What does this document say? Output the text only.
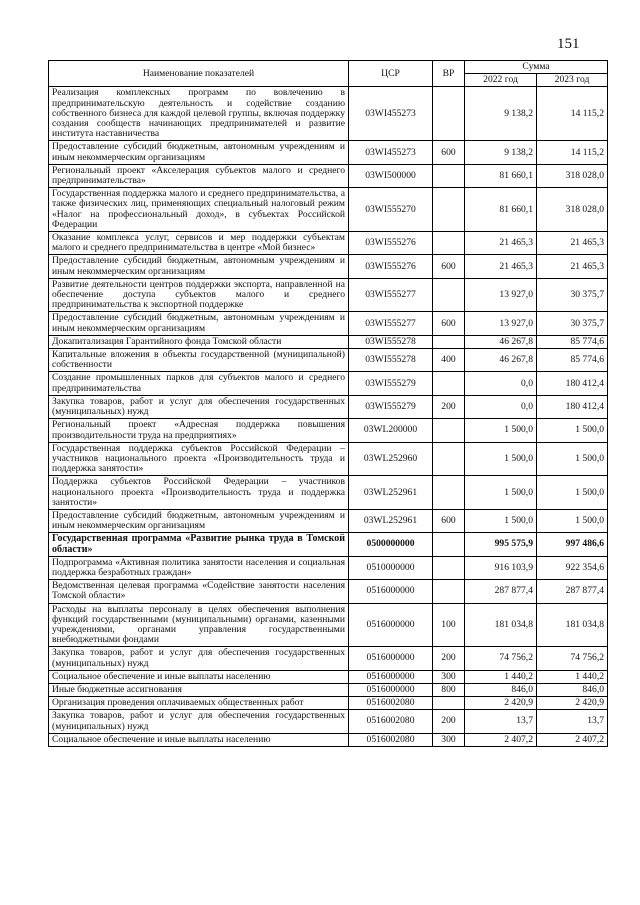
151
Наименование показателей	ЦСР	ВР	Сумма	
			2022 год	2023 год
Реализация комплексных программ по вовлечению в предпринимательскую деятельность и содействие созданию собственного бизнеса для каждой целевой группы, включая поддержку создания сообществ начинающих предпринимателей и развитие института наставничества	03WI455273		9 138,2	14 115,2
Предоставление субсидий бюджетным, автономным учреждениям и иным некоммерческим организациям	03WI455273	600	9 138,2	14 115,2
Региональный проект «Акселерация субъектов малого и среднего предпринимательства»	03WI500000		81 660,1	318 028,0
Государственная поддержка малого и среднего предпринимательства, а также физических лиц, применяющих специальный налоговый режим «Налог на профессиональный доход», в субъектах Российской Федерации	03WI555270		81 660,1	318 028,0
Оказание комплекса услуг, сервисов и мер поддержки субъектам малого и среднего предпринимательства в центре «Мой бизнес»	03WI555276		21 465,3	21 465,3
Предоставление субсидий бюджетным, автономным учреждениям и иным некоммерческим организациям	03WI555276	600	21 465,3	21 465,3
Развитие деятельности центров поддержки экспорта, направленной на обеспечение доступа субъектов малого и среднего предпринимательства к экспортной поддержке	03WI555277		13 927,0	30 375,7
Предоставление субсидий бюджетным, автономным учреждениям и иным некоммерческим организациям	03WI555277	600	13 927,0	30 375,7
Докапитализация Гарантийного фонда Томской области	03WI555278		46 267,8	85 774,6
Капитальные вложения в объекты государственной (муниципальной) собственности	03WI555278	400	46 267,8	85 774,6
Создание промышленных парков для субъектов малого и среднего предпринимательства	03WI555279		0,0	180 412,4
Закупка товаров, работ и услуг для обеспечения государственных (муниципальных) нужд	03WI555279	200	0,0	180 412,4
Региональный проект «Адресная поддержка повышения производительности труда на предприятиях»	03WL200000		1 500,0	1 500,0
Государственная поддержка субъектов Российской Федерации – участников национального проекта «Производительность труда и поддержка занятости»	03WL252960		1 500,0	1 500,0
Поддержка субъектов Российской Федерации – участников национального проекта «Производительность труда и поддержка занятости»	03WL252961		1 500,0	1 500,0
Предоставление субсидий бюджетным, автономным учреждениям и иным некоммерческим организациям	03WL252961	600	1 500,0	1 500,0
Государственная программа «Развитие рынка труда в Томской области»	0500000000		995 575,9	997 486,6
Подпрограмма «Активная политика занятости населения и социальная поддержка безработных граждан»	0510000000		916 103,9	922 354,6
Ведомственная целевая программа «Содействие занятости населения Томской области»	0516000000		287 877,4	287 877,4
Расходы на выплаты персоналу в целях обеспечения выполнения функций государственными (муниципальными) органами, казенными учреждениями, органами управления государственными внебюджетными фондами	0516000000	100	181 034,8	181 034,8
Закупка товаров, работ и услуг для обеспечения государственных (муниципальных) нужд	0516000000	200	74 756,2	74 756,2
Социальное обеспечение и иные выплаты населению	0516000000	300	1 440,2	1 440,2
Иные бюджетные ассигнования	0516000000	800	846,0	846,0
Организация проведения оплачиваемых общественных работ	0516002080		2 420,9	2 420,9
Закупка товаров, работ и услуг для обеспечения государственных (муниципальных) нужд	0516002080	200	13,7	13,7
Социальное обеспечение и иные выплаты населению	0516002080	300	2 407,2	2 407,2
